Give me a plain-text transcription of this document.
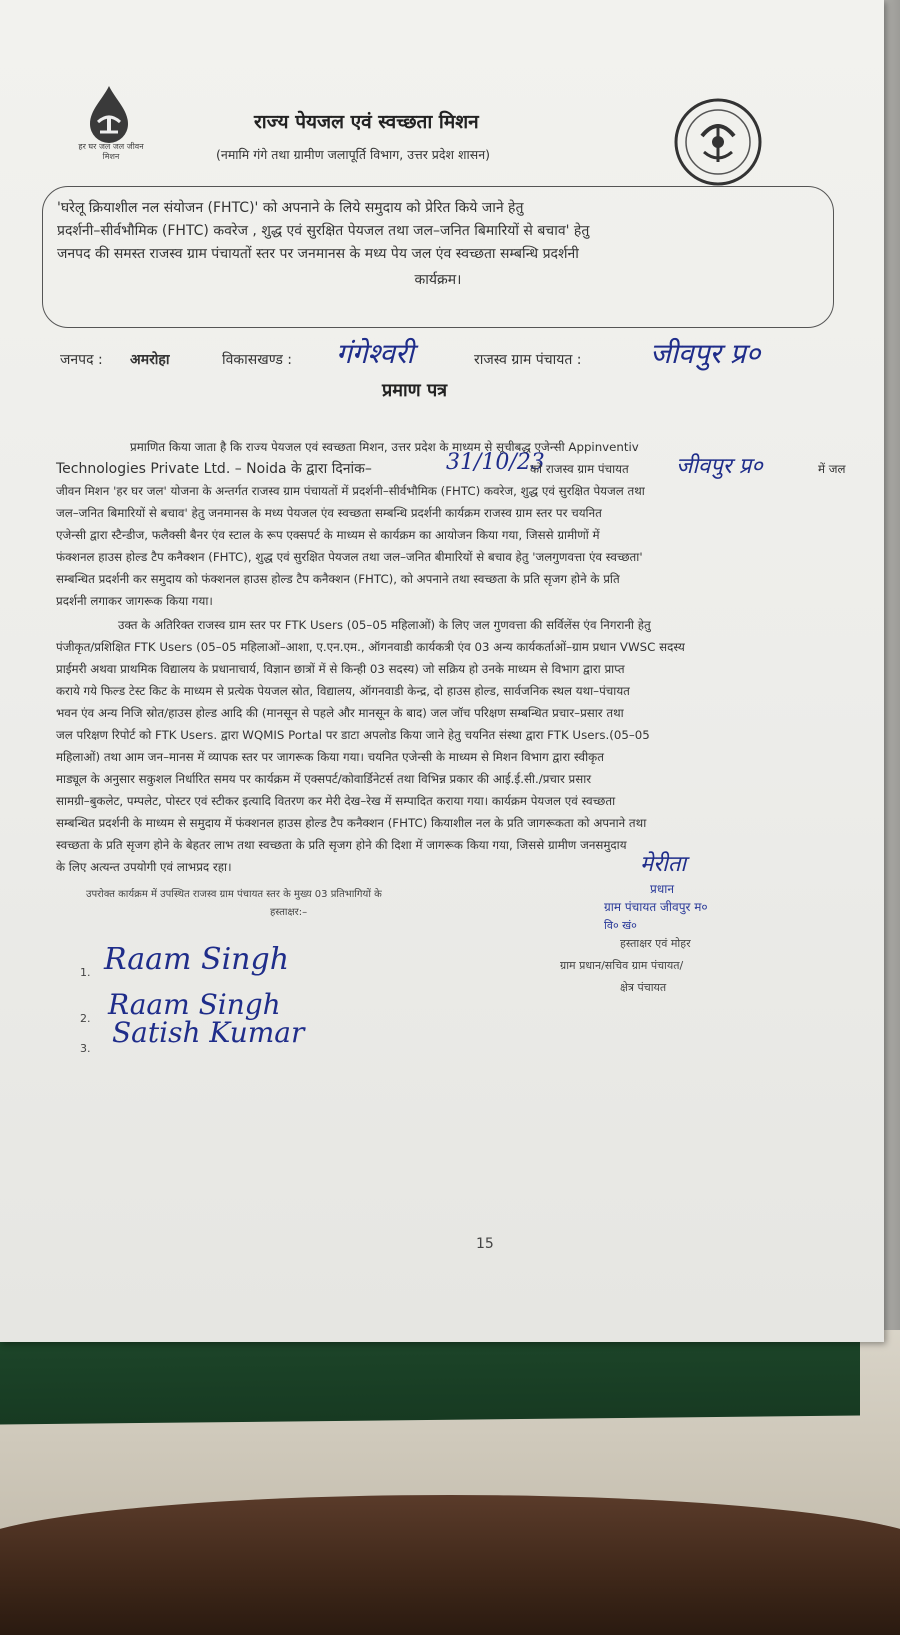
हर घर जल जल जीवन मिशन
राज्य पेयजल एवं स्वच्छता मिशन
(नमामि गंगे तथा ग्रामीण जलापूर्ति विभाग, उत्तर प्रदेश शासन)

'घरेलू क्रियाशील नल संयोजन (FHTC)' को अपनाने के लिये समुदाय को प्रेरित किये जाने हेतु

प्रदर्शनी–सीर्वभौमिक (FHTC) कवरेज , शुद्ध एवं सुरक्षित पेयजल तथा जल–जनित बिमारियों से बचाव' हेतु

जनपद की समस्त राजस्व ग्राम पंचायतों स्तर पर जनमानस के मध्य पेय जल एंव स्वच्छता सम्बन्धि प्रदर्शनी

कार्यक्रम।

जनपद : अमरोहा	विकासखण्ड : गंगेश्वरी	राजस्व ग्राम पंचायत : जीवपुर प्र०
प्रमाण पत्र
प्रमाणित किया जाता है कि राज्य पेयजल एवं स्वच्छता मिशन, उत्तर प्रदेश के माध्यम से सूचीबद्ध एजेन्सी Appinventiv
Technologies Private Ltd. – Noida के द्वारा दिनांक–	31/10/23
को राजस्व ग्राम पंचायत जीवपुर प्र०	में जल
जीवन मिशन 'हर घर जल' योजना के अन्तर्गत राजस्व ग्राम पंचायतों में प्रदर्शनी–सीर्वभौमिक (FHTC) कवरेज, शुद्ध एवं सुरक्षित पेयजल तथा
जल–जनित बिमारियों से बचाव' हेतु जनमानस के मध्य पेयजल एंव स्वच्छता सम्बन्धि प्रदर्शनी कार्यक्रम राजस्व ग्राम स्तर पर चयनित
एजेन्सी द्वारा स्टैन्डीज, फलैक्सी बैनर एंव स्टाल के रूप एक्सपर्ट के माध्यम से कार्यक्रम का आयोजन किया गया, जिससे ग्रामीणों में
फंक्शनल हाउस होल्ड टैप कनैक्शन (FHTC), शुद्ध एवं सुरक्षित पेयजल तथा जल–जनित बीमारियों से बचाव हेतु 'जलगुणवत्ता एंव स्वच्छता'
सम्बन्धित प्रदर्शनी कर समुदाय को फंक्शनल हाउस होल्ड टैप कनैक्शन (FHTC), को अपनाने तथा स्वच्छता के प्रति सृजग होने के प्रति
प्रदर्शनी लगाकर जागरूक किया गया।
उक्त के अतिरिक्त राजस्व ग्राम स्तर पर FTK Users (05–05 महिलाओं) के लिए जल गुणवत्ता की सर्विलेंस एंव निगरानी हेतु
पंजीकृत/प्रशिक्षित FTK Users (05–05 महिलाओं–आशा, ए.एन.एम., ऑगनवाडी कार्यकत्री एंव 03 अन्य कार्यकर्ताओं–ग्राम प्रधान VWSC सदस्य
प्राईमरी अथवा प्राथमिक विद्यालय के प्रधानाचार्य, विज्ञान छात्रों में से किन्ही 03 सदस्य) जो सक्रिय हो उनके माध्यम से विभाग द्वारा प्राप्त
कराये गये फिल्ड टेस्ट किट के माध्यम से प्रत्येक पेयजल स्रोत, विद्यालय, ऑगनवाडी केन्द्र, दो हाउस होल्ड, सार्वजनिक स्थल यथा–पंचायत
भवन एंव अन्य निजि स्रोत/हाउस होल्ड आदि की (मानसून से पहले और मानसून के बाद) जल जॉच परिक्षण सम्बन्धित प्रचार–प्रसार तथा
जल परिक्षण रिपोर्ट को FTK Users. द्वारा WQMIS Portal पर डाटा अपलोड किया जाने हेतु चयनित संस्था द्वारा FTK Users.(05–05
महिलाओं) तथा आम जन–मानस में व्यापक स्तर पर जागरूक किया गया। चयनित एजेन्सी के माध्यम से मिशन विभाग द्वारा स्वीकृत
माड्यूल के अनुसार सकुशल निर्धारित समय पर कार्यक्रम में एक्सपर्ट/कोवार्डिनेटर्स तथा विभिन्न प्रकार की आई.ई.सी./प्रचार प्रसार
सामग्री–बुकलेट, पम्पलेट, पोस्टर एवं स्टीकर इत्यादि वितरण कर मेरी देख–रेख में सम्पादित कराया गया। कार्यक्रम पेयजल एवं स्वच्छता
सम्बन्धित प्रदर्शनी के माध्यम से समुदाय में फंक्शनल हाउस होल्ड टैप कनैक्शन (FHTC) कियाशील नल के प्रति जागरूकता को अपनाने तथा
स्वच्छता के प्रति सृजग होने के बेहतर लाभ तथा स्वच्छता के प्रति सृजग होने की दिशा में जागरूक किया गया, जिससे ग्रामीण जनसमुदाय
के लिए अत्यन्त उपयोगी एवं लाभप्रद रहा।	मेरीता
प्रधान
ग्राम पंचायत जीवपुर म०
वि० खं०
हस्ताक्षर एवं मोहर
ग्राम प्रधान/सचिव ग्राम पंचायत/
क्षेत्र पंचायत
उपरोक्त कार्यक्रम में उपस्थित राजस्व ग्राम पंचायत स्तर के मुख्य 03 प्रतिभागियों के
हस्ताक्षर:–
1. Raam Singh
2. Raam Singh
3. Satish Kumar
15
